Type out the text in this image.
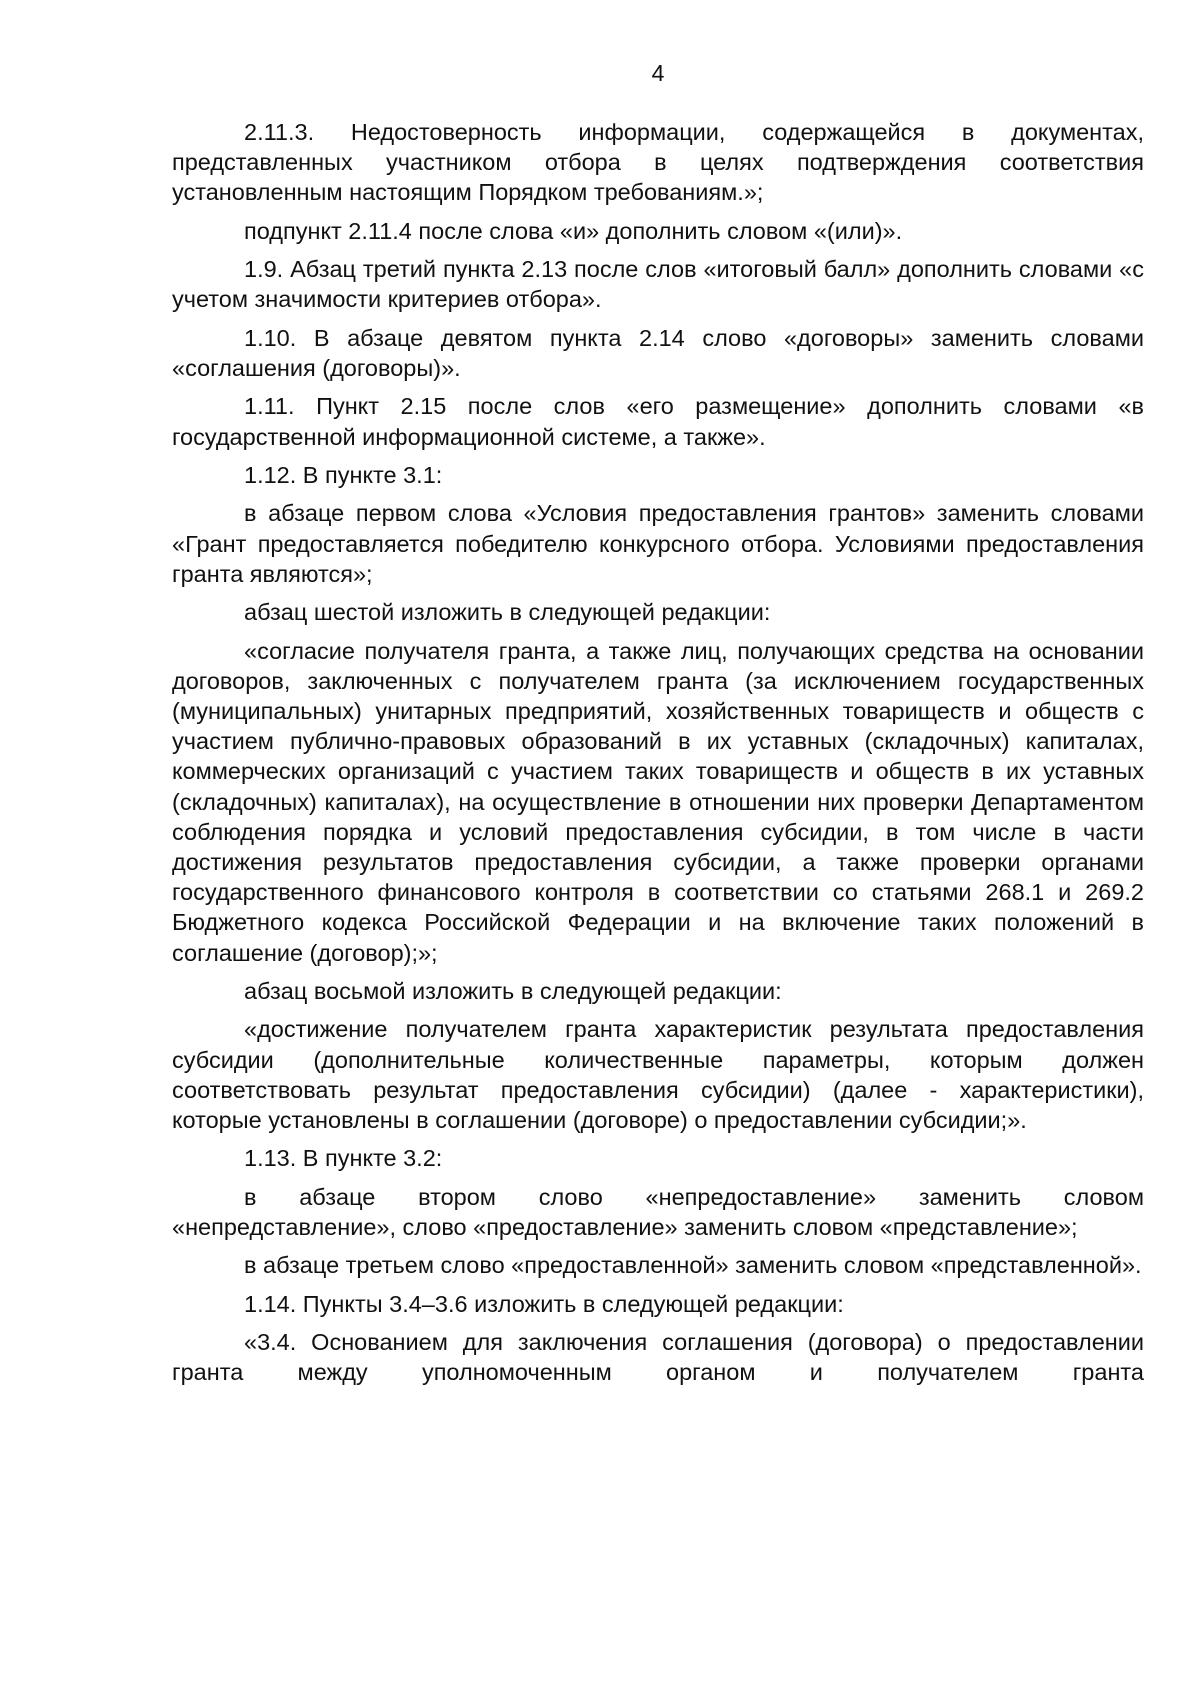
4

2.11.3. Недостоверность информации, содержащейся в документах, представленных участником отбора в целях подтверждения соответствия установленным настоящим Порядком требованиям.»;

подпункт 2.11.4 после слова «и» дополнить словом «(или)».

1.9. Абзац третий пункта 2.13 после слов «итоговый балл» дополнить словами «с учетом значимости критериев отбора».

1.10. В абзаце девятом пункта 2.14 слово «договоры» заменить словами «соглашения (договоры)».

1.11. Пункт 2.15 после слов «его размещение» дополнить словами «в государственной информационной системе, а также».

1.12. В пункте 3.1:

в абзаце первом слова «Условия предоставления грантов» заменить словами «Грант предоставляется победителю конкурсного отбора. Условиями предоставления гранта являются»;

абзац шестой изложить в следующей редакции:

«согласие получателя гранта, а также лиц, получающих средства на основании договоров, заключенных с получателем гранта (за исключением государственных (муниципальных) унитарных предприятий, хозяйственных товариществ и обществ с участием публично-правовых образований в их уставных (складочных) капиталах, коммерческих организаций с участием таких товариществ и обществ в их уставных (складочных) капиталах), на осуществление в отношении них проверки Департаментом соблюдения порядка и условий предоставления субсидии, в том числе в части достижения результатов предоставления субсидии, а также проверки органами государственного финансового контроля в соответствии со статьями 268.1 и 269.2 Бюджетного кодекса Российской Федерации и на включение таких положений в соглашение (договор);»;

абзац восьмой изложить в следующей редакции:

«достижение получателем гранта характеристик результата предоставления субсидии (дополнительные количественные параметры, которым должен соответствовать результат предоставления субсидии) (далее - характеристики), которые установлены в соглашении (договоре) о предоставлении субсидии;».

1.13. В пункте 3.2:

в абзаце втором слово «непредоставление» заменить словом «непредставление», слово «предоставление» заменить словом «представление»;

в абзаце третьем слово «предоставленной» заменить словом «представленной».

1.14. Пункты 3.4–3.6 изложить в следующей редакции:

«3.4. Основанием для заключения соглашения (договора) о предоставлении гранта между уполномоченным органом и получателем гранта
